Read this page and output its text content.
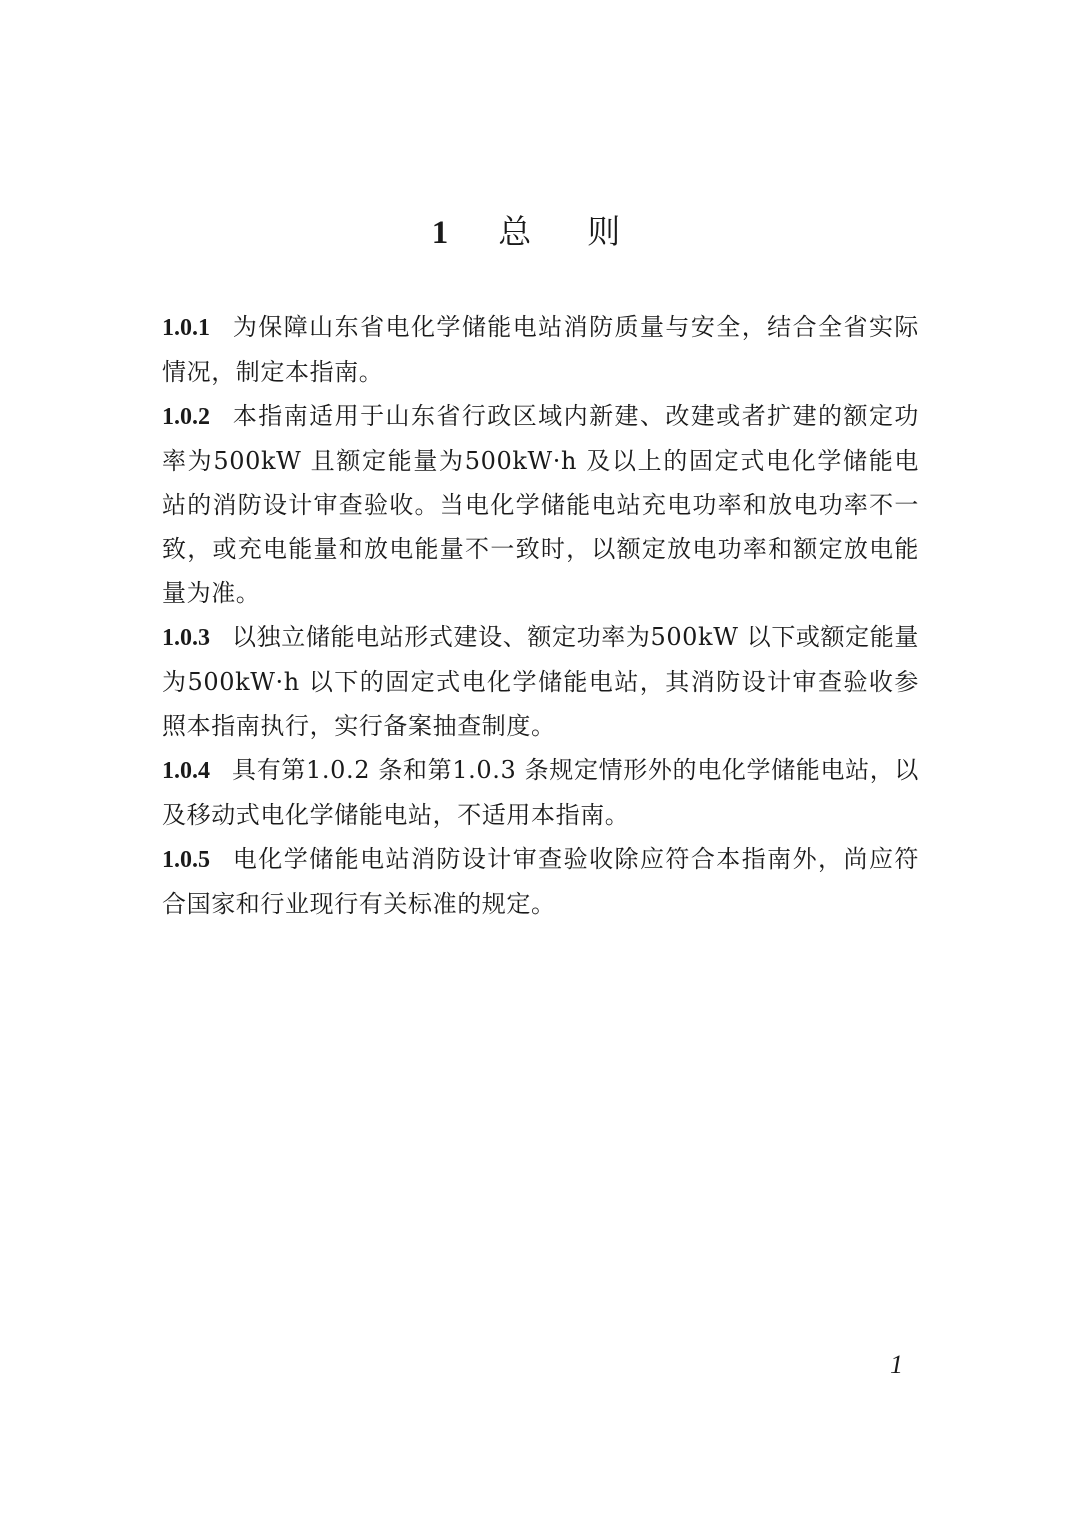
1 总 则

1.0.1 为保障山东省电化学储能电站消防质量与安全，结合全省实际情况，制定本指南。

1.0.2 本指南适用于山东省行政区域内新建、改建或者扩建的额定功率为500kW 且额定能量为500kW·h 及以上的固定式电化学储能电站的消防设计审查验收。当电化学储能电站充电功率和放电功率不一致，或充电能量和放电能量不一致时，以额定放电功率和额定放电能量为准。

1.0.3 以独立储能电站形式建设、额定功率为500kW 以下或额定能量为500kW·h 以下的固定式电化学储能电站，其消防设计审查验收参照本指南执行，实行备案抽查制度。

1.0.4 具有第1.0.2 条和第1.0.3 条规定情形外的电化学储能电站，以及移动式电化学储能电站，不适用本指南。

1.0.5 电化学储能电站消防设计审查验收除应符合本指南外，尚应符合国家和行业现行有关标准的规定。

1
